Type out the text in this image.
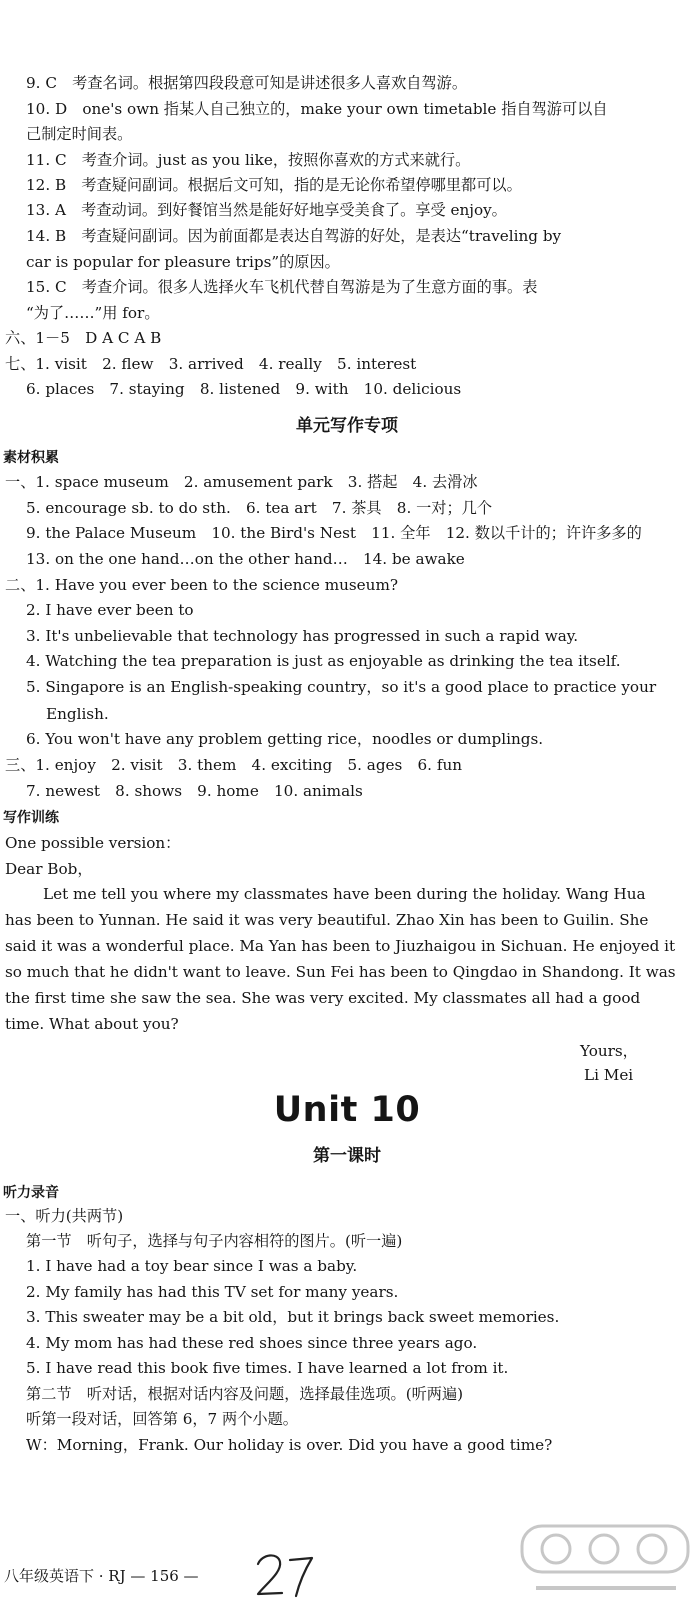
9. C　考查名词。根据第四段段意可知是讲述很多人喜欢自驾游。
10. D　one's own 指某人自己独立的，make your own timetable 指自驾游可以自
己制定时间表。
11. C　考查介词。just as you like，按照你喜欢的方式来就行。
12. B　考查疑问副词。根据后文可知，指的是无论你希望停哪里都可以。
13. A　考查动词。到好餐馆当然是能好好地享受美食了。享受 enjoy。
14. B　考查疑问副词。因为前面都是表达自驾游的好处，是表达“traveling by
car is popular for pleasure trips”的原因。
15. C　考查介词。很多人选择火车飞机代替自驾游是为了生意方面的事。表
“为了……”用 for。
六、1－5　D A C A B
七、1. visit　2. flew　3. arrived　4. really　5. interest
6. places　7. staying　8. listened　9. with　10. delicious
单元写作专项
素材积累
一、1. space museum　2. amusement park　3. 搭起　4. 去滑冰
5. encourage sb. to do sth.　6. tea art　7. 茶具　8. 一对；几个
9. the Palace Museum　10. the Bird's Nest　11. 全年　12. 数以千计的；许许多多的
13. on the one hand…on the other hand…　14. be awake
二、1. Have you ever been to the science museum?
2. I have ever been to
3. It's unbelievable that technology has progressed in such a rapid way.
4. Watching the tea preparation is just as enjoyable as drinking the tea itself.
5. Singapore is an English-speaking country，so it's a good place to practice your
English.
6. You won't have any problem getting rice，noodles or dumplings.
三、1. enjoy　2. visit　3. them　4. exciting　5. ages　6. fun
7. newest　8. shows　9. home　10. animals
写作训练
One possible version：
Dear Bob，
Let me tell you where my classmates have been during the holiday. Wang Hua
has been to Yunnan. He said it was very beautiful. Zhao Xin has been to Guilin. She
said it was a wonderful place. Ma Yan has been to Jiuzhaigou in Sichuan. He enjoyed it
so much that he didn't want to leave. Sun Fei has been to Qingdao in Shandong. It was
the first time she saw the sea. She was very excited. My classmates all had a good
time. What about you?
Yours，
Li Mei
Unit 10
第一课时
听力录音
一、听力(共两节)
第一节　听句子，选择与句子内容相符的图片。(听一遍)
1. I have had a toy bear since I was a baby.
2. My family has had this TV set for many years.
3. This sweater may be a bit old，but it brings back sweet memories.
4. My mom has had these red shoes since three years ago.
5. I have read this book five times. I have learned a lot from it.
第二节　听对话，根据对话内容及问题，选择最佳选项。(听两遍)
听第一段对话，回答第 6，7 两个小题。
W：Morning，Frank. Our holiday is over. Did you have a good time?
八年级英语下 · RJ — 156 —
